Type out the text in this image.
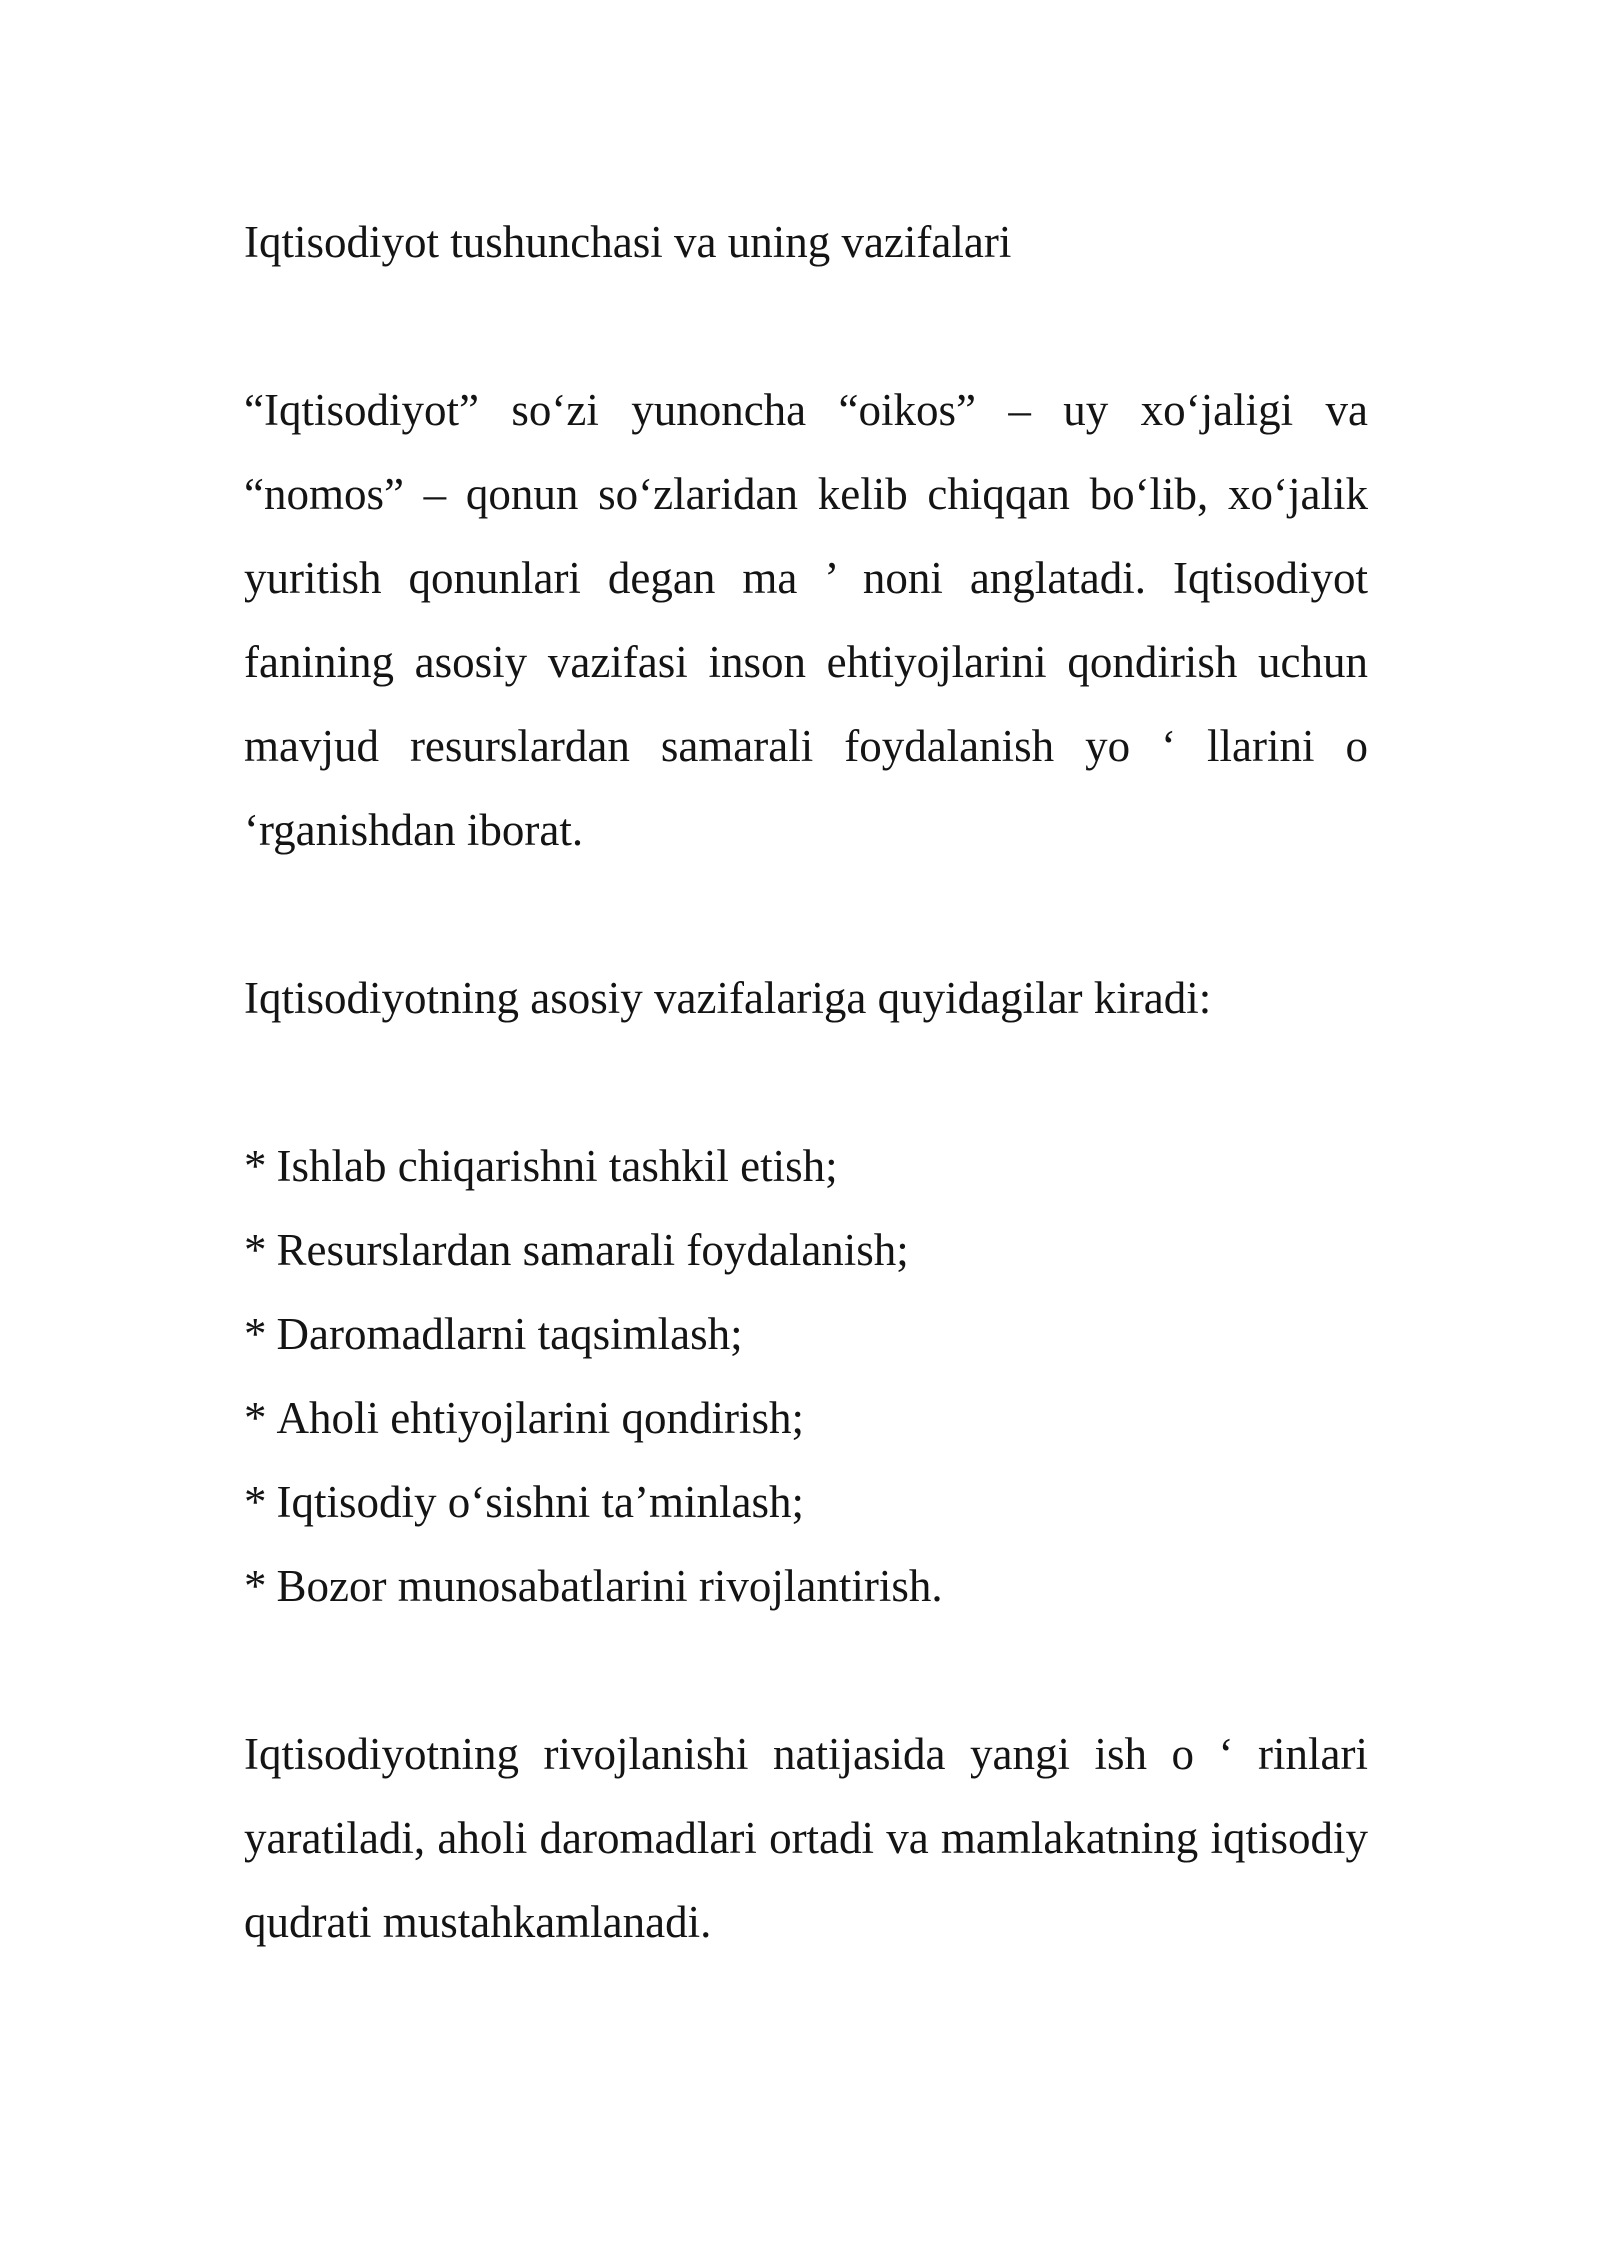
Iqtisodiyot tushunchasi va uning vazifalari

“Iqtisodiyot” so‘zi yunoncha “oikos” – uy xo‘jaligi va “nomos” – qonun so‘zlaridan kelib chiqqan bo‘lib, xo‘jalik yuritish qonunlari degan ma ’ noni anglatadi. Iqtisodiyot fanining asosiy vazifasi inson ehtiyojlarini qondirish uchun mavjud resurslardan samarali foydalanish yo ‘ llarini o ‘rganishdan iborat.

Iqtisodiyotning asosiy vazifalariga quyidagilar kiradi:

* Ishlab chiqarishni tashkil etish;
* Resurslardan samarali foydalanish;
* Daromadlarni taqsimlash;
* Aholi ehtiyojlarini qondirish;
* Iqtisodiy o‘sishni ta’minlash;
* Bozor munosabatlarini rivojlantirish.

Iqtisodiyotning rivojlanishi natijasida yangi ish o ‘ rinlari yaratiladi, aholi daromadlari ortadi va mamlakatning iqtisodiy qudrati mustahkamlanadi.
